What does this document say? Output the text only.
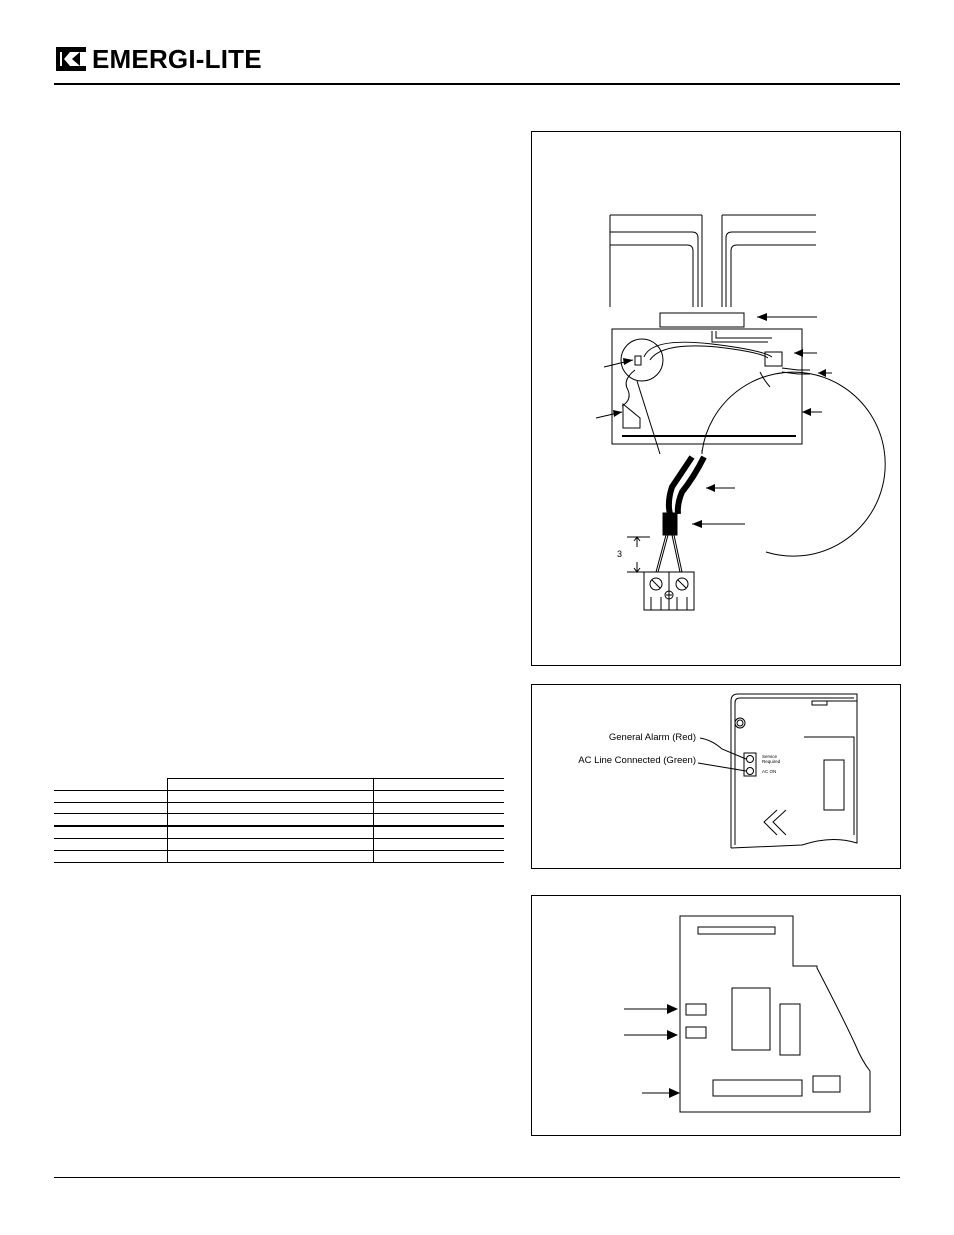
EMERGI-LITE
3
General Alarm (Red)
AC Line Connected (Green)	Service Required
AC ON
